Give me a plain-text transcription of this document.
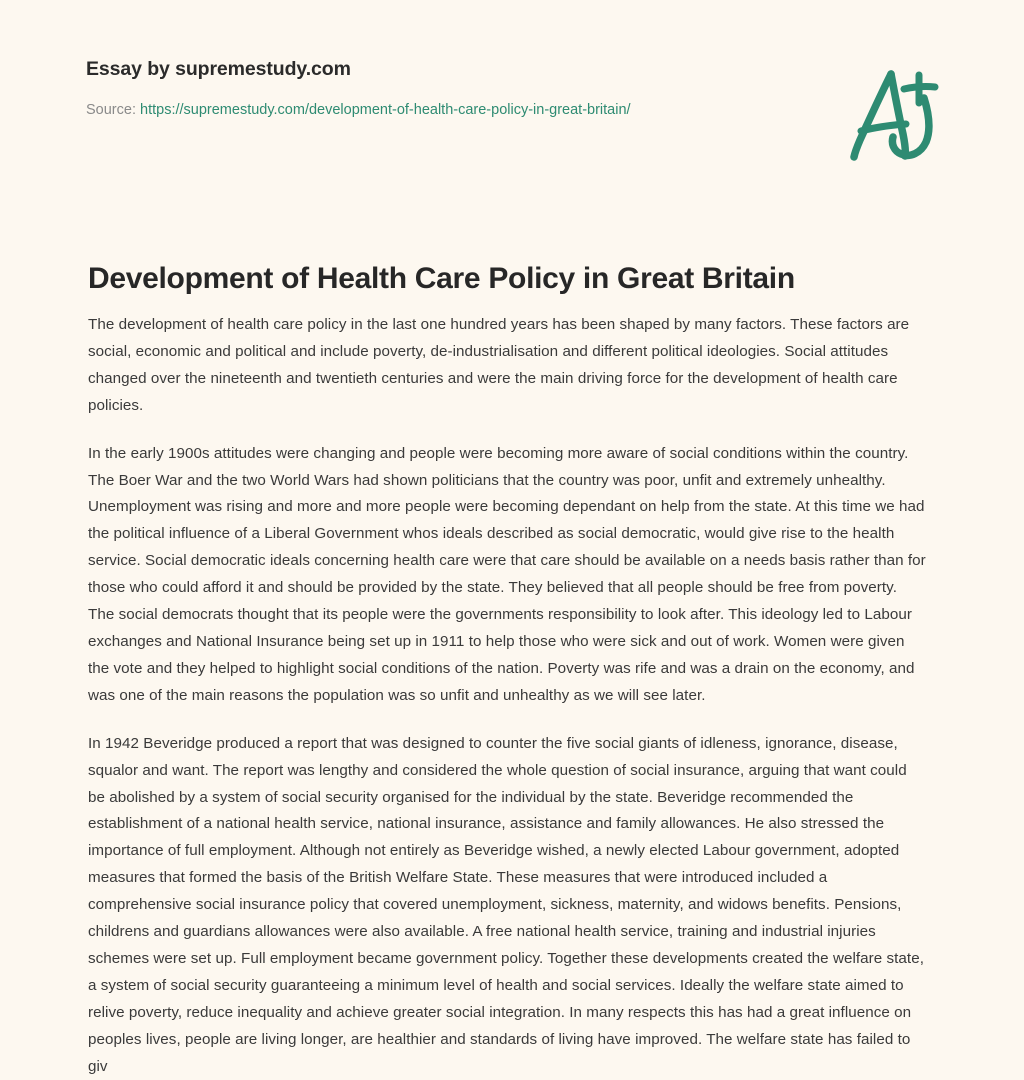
Essay by supremestudy.com
Source: https://supremestudy.com/development-of-health-care-policy-in-great-britain/
Development of Health Care Policy in Great Britain

The development of health care policy in the last one hundred years has been shaped by many factors. These factors are social, economic and political and include poverty, de-industrialisation and different political ideologies. Social attitudes changed over the nineteenth and twentieth centuries and were the main driving force for the development of health care policies.

In the early 1900s attitudes were changing and people were becoming more aware of social conditions within the country. The Boer War and the two World Wars had shown politicians that the country was poor, unfit and extremely unhealthy. Unemployment was rising and more and more people were becoming dependant on help from the state. At this time we had the political influence of a Liberal Government whos ideals described as social democratic, would give rise to the health service. Social democratic ideals concerning health care were that care should be available on a needs basis rather than for those who could afford it and should be provided by the state. They believed that all people should be free from poverty. The social democrats thought that its people were the governments responsibility to look after. This ideology led to Labour exchanges and National Insurance being set up in 1911 to help those who were sick and out of work. Women were given the vote and they helped to highlight social conditions of the nation. Poverty was rife and was a drain on the economy, and was one of the main reasons the population was so unfit and unhealthy as we will see later.

In 1942 Beveridge produced a report that was designed to counter the five social giants of idleness, ignorance, disease, squalor and want. The report was lengthy and considered the whole question of social insurance, arguing that want could be abolished by a system of social security organised for the individual by the state. Beveridge recommended the establishment of a national health service, national insurance, assistance and family allowances. He also stressed the importance of full employment. Although not entirely as Beveridge wished, a newly elected Labour government, adopted measures that formed the basis of the British Welfare State. These measures that were introduced included a comprehensive social insurance policy that covered unemployment, sickness, maternity, and widows benefits. Pensions, childrens and guardians allowances were also available. A free national health service, training and industrial injuries schemes were set up. Full employment became government policy. Together these developments created the welfare state, a system of social security guaranteeing a minimum level of health and social services. Ideally the welfare state aimed to relive poverty, reduce inequality and achieve greater social integration. In many respects this has had a great influence on peoples lives, people are living longer, are healthier and standards of living have improved. The welfare state has failed to giv
